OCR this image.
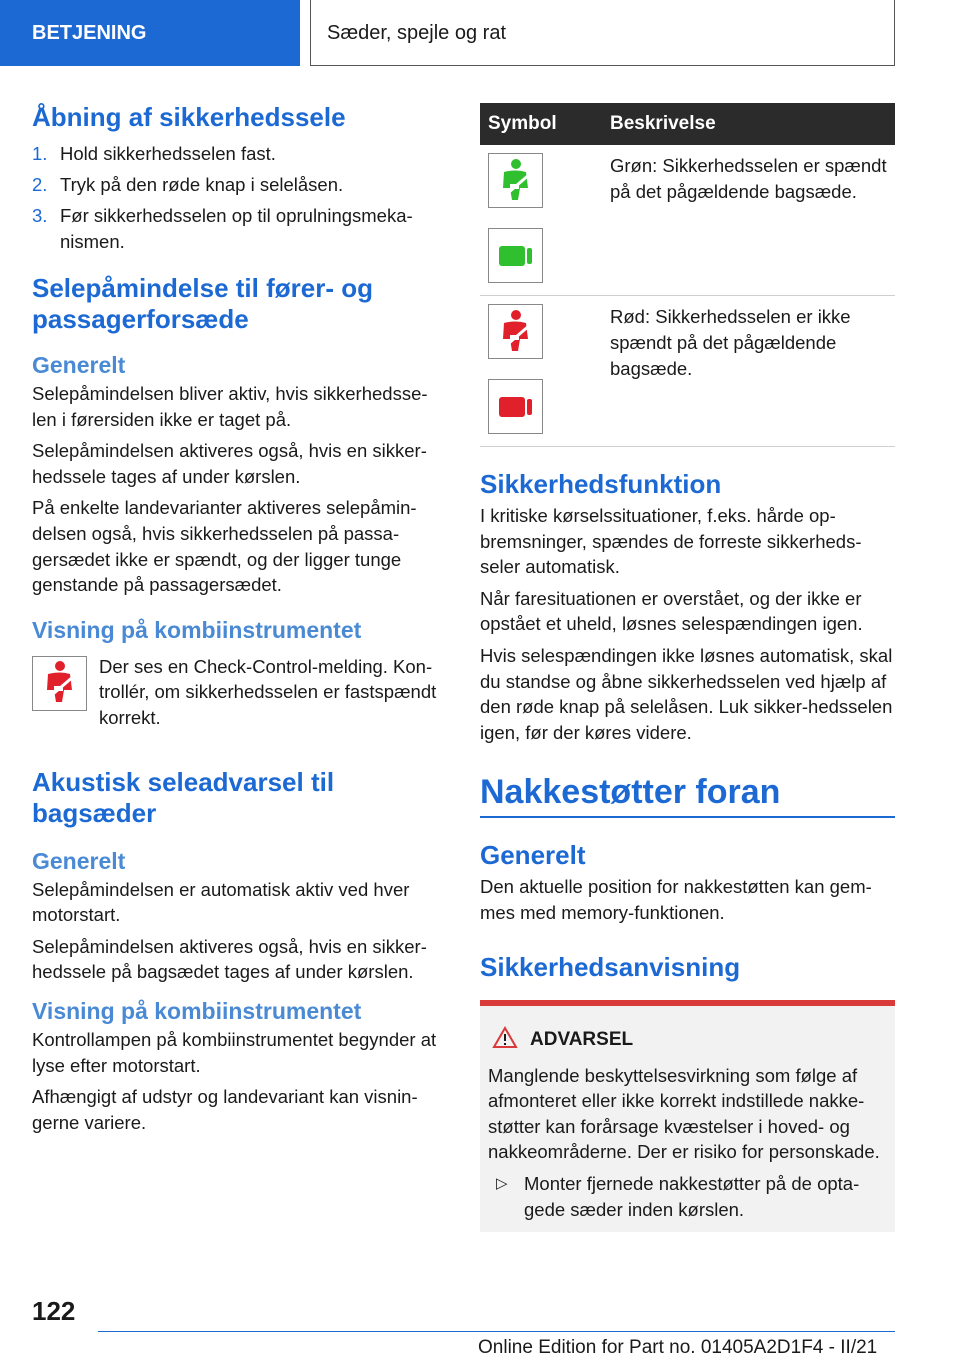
BETJENING	Sæder, spejle og rat
Åbning af sikkerhedssele
1. Hold sikkerhedsselen fast.
2. Tryk på den røde knap i selelåsen.
3. Før sikkerhedsselen op til oprulningsmeka-nismen.
Selepåmindelse til fører- og passagerforsæde
Generelt

Selepåmindelsen bliver aktiv, hvis sikkerhedsse-len i førersiden ikke er taget på.

Selepåmindelsen aktiveres også, hvis en sikker-hedssele tages af under kørslen.

På enkelte landevarianter aktiveres selepåmin-delsen også, hvis sikkerhedsselen på passa-gersædet ikke er spændt, og der ligger tunge genstande på passagersædet.

Visning på kombiinstrumentet

Der ses en Check-Control-melding. Kon-trollér, om sikkerhedsselen er fastspændt korrekt.

Akustisk seleadvarsel til bagsæder
Generelt

Selepåmindelsen er automatisk aktiv ved hver motorstart.

Selepåmindelsen aktiveres også, hvis en sikker-hedssele på bagsædet tages af under kørslen.

Visning på kombiinstrumentet

Kontrollampen på kombiinstrumentet begynder at lyse efter motorstart.

Afhængigt af udstyr og landevariant kan visnin-gerne variere.

Symbol	Beskrivelse

	Grøn: Sikkerhedsselen er spændt på det pågældende bagsæde.

	Rød: Sikkerhedsselen er ikke spændt på det pågældende bagsæde.
Sikkerhedsfunktion

I kritiske kørselssituationer, f.eks. hårde op-bremsninger, spændes de forreste sikkerheds-seler automatisk.

Når faresituationen er overstået, og der ikke er opstået et uheld, løsnes selespændingen igen.

Hvis selespændingen ikke løsnes automatisk, skal du standse og åbne sikkerhedsselen ved hjælp af den røde knap på selelåsen. Luk sikker-hedsselen igen, før der køres videre.

Nakkestøtter foran
Generelt

Den aktuelle position for nakkestøtten kan gem-mes med memory-funktionen.

Sikkerhedsanvisning
ADVARSEL

Manglende beskyttelsesvirkning som følge af afmonteret eller ikke korrekt indstillede nakke-støtter kan forårsage kvæstelser i hoved- og nakkeområderne. Der er risiko for personskade.

▷ Monter fjernede nakkestøtter på de opta-gede sæder inden kørslen.

122
Online Edition for Part no. 01405A2D1F4 - II/21
